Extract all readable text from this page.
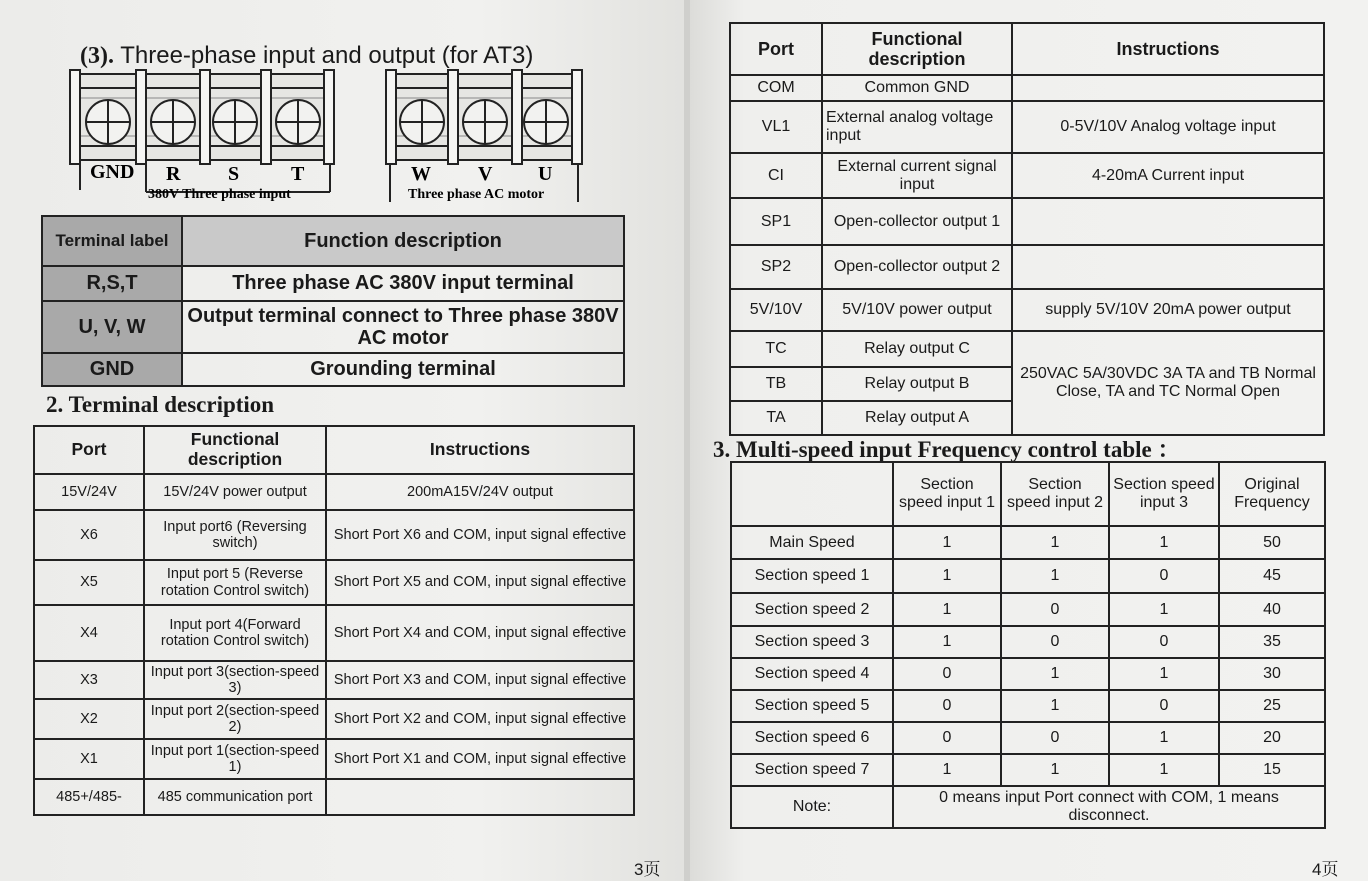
(3). Three-phase input and output (for AT3)
GND R S	T	W V U
380V Three phase input	Three phase AC motor
Terminal label	Function description
R,S,T	Three phase AC 380V input terminal
U, V, W	Output terminal connect to Three phase 380V AC motor
GND	Grounding terminal
2. Terminal description
Port	Functional description	Instructions
15V/24V	15V/24V power output	200mA15V/24V output
X6	Input port6 (Reversing switch)	Short Port X6 and COM, input signal effective
X5	Input port 5 (Reverse rotation Control switch)	Short Port X5 and COM, input signal effective
X4	Input port 4(Forward rotation Control switch)	Short Port X4 and COM, input signal effective
X3	Input port 3(section-speed 3)	Short Port X3 and COM, input signal effective
X2	Input port 2(section-speed 2)	Short Port X2 and COM, input signal effective
X1	Input port 1(section-speed 1)	Short Port X1 and COM, input signal effective
485+/485-	485 communication port	
3页
Port	Functional description	Instructions
COM	Common GND	
VL1	External analog voltage input	0-5V/10V Analog voltage input
CI	External current signal input	4-20mA Current input
SP1	Open-collector output 1	
SP2	Open-collector output 2	
5V/10V	5V/10V power output	supply 5V/10V 20mA power output
TC	Relay output C	250VAC 5A/30VDC 3A TA and TB Normal Close, TA and TC Normal Open
TB	Relay output B	
TA	Relay output A	
3. Multi-speed input Frequency control table ：
	Section speed input 1	Section speed input 2	Section speed input 3	Original Frequency
Main Speed	1	1	1	50
Section speed 1	1	1	0	45
Section speed 2	1	0	1	40
Section speed 3	1	0	0	35
Section speed 4	0	1	1	30
Section speed 5	0	1	0	25
Section speed 6	0	0	1	20
Section speed 7	1	1	1	15
Note:	0 means input Port connect with COM, 1 means disconnect.			
4页
